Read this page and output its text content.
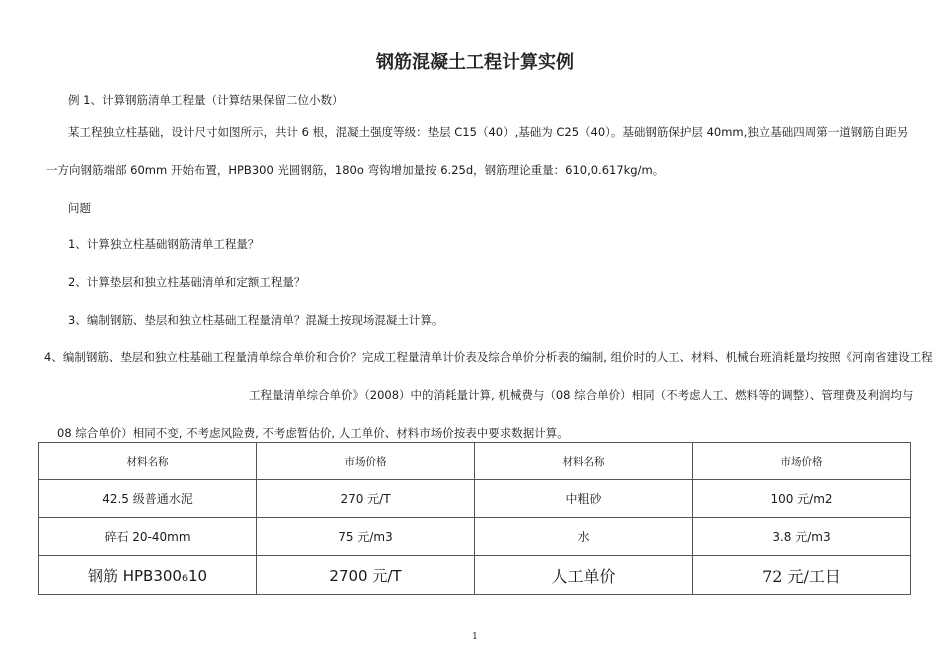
钢筋混凝土工程计算实例
例 1、计算钢筋清单工程量（计算结果保留二位小数）
某工程独立柱基础，设计尺寸如图所示，共计 6 根，混凝土强度等级：垫层 C15（40）,基础为 C25（40）。基础钢筋保护层 40mm,独立基础四周第一道钢筋自距另
一方向钢筋端部 60mm 开始布置，HPB300 光圆钢筋，180o 弯钩增加量按 6.25d，钢筋理论重量：610,0.617kg/m。
问题
1、计算独立柱基础钢筋清单工程量？
2、计算垫层和独立柱基础清单和定额工程量？
3、编制钢筋、垫层和独立柱基础工程量清单？混凝土按现场混凝土计算。
4、编制钢筋、垫层和独立柱基础工程量清单综合单价和合价？完成工程量清单计价表及综合单价分析表的编制, 组价时的人工、材料、机械台班消耗量均按照《河南省建设工程
工程量清单综合单价》（2008）中的消耗量计算, 机械费与（08 综合单价）相同（不考虑人工、燃料等的调整）、管理费及利润均与
08 综合单价）相同不变, 不考虑风险费, 不考虑暂估价, 人工单价、材料市场价按表中要求数据计算。
材料名称	市场价格	材料名称	市场价格
42.5 级普通水泥	270 元/T	中粗砂	100 元/m2
碎石 20-40mm	75 元/m3	水	3.8 元/m3
钢筋 HPB300₆10	2700 元/T	人工单价	72 元/工日
1
